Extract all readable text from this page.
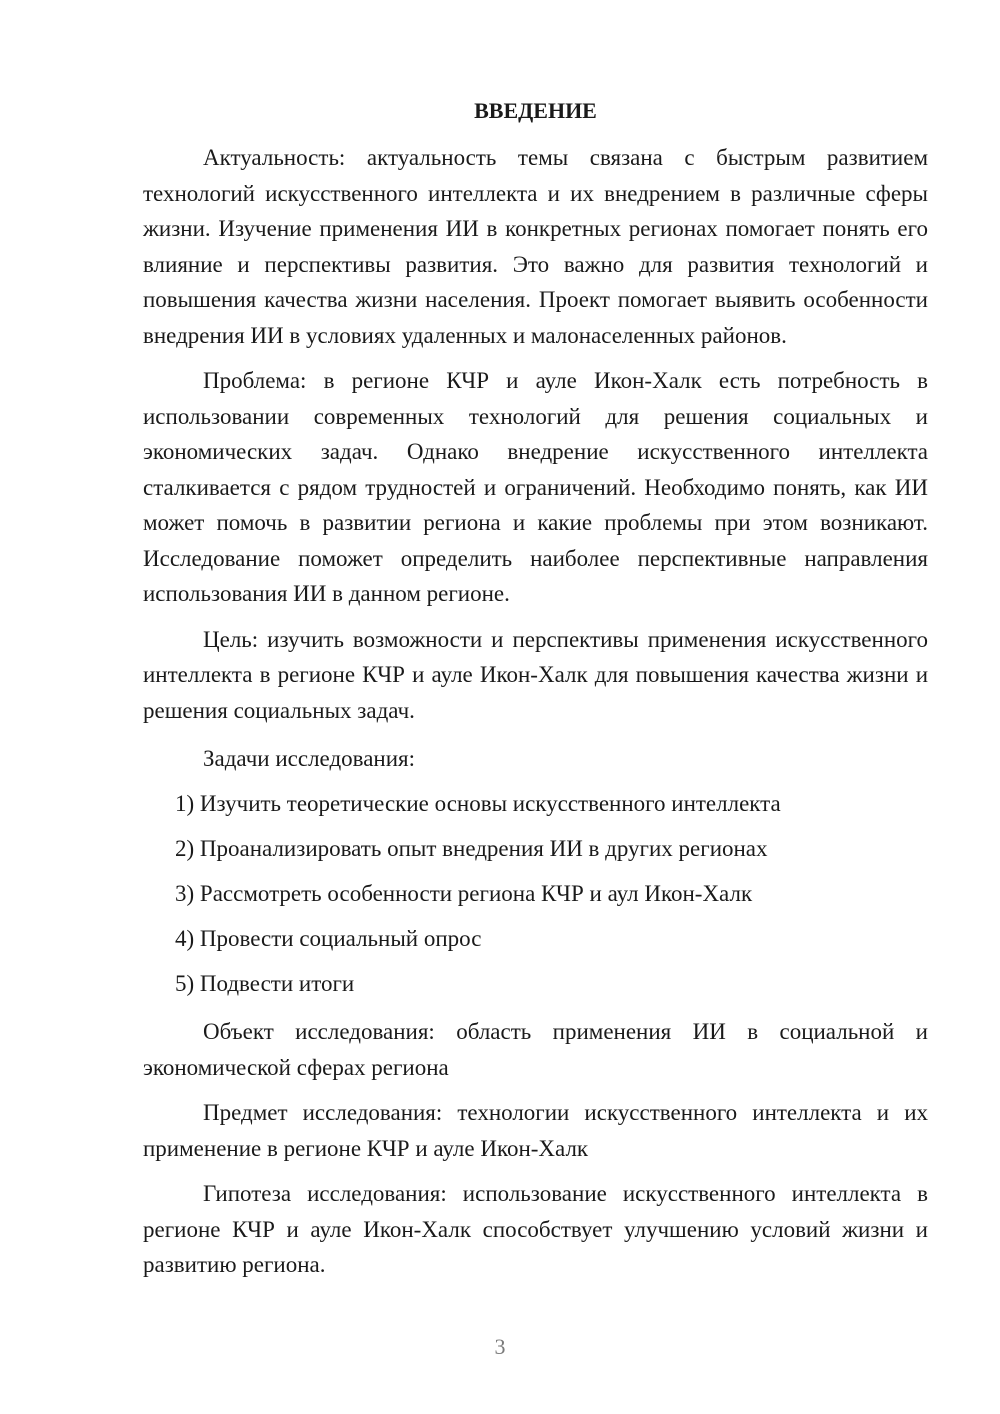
ВВЕДЕНИЕ

Актуальность: актуальность темы связана с быстрым развитием технологий искусственного интеллекта и их внедрением в различные сферы жизни. Изучение применения ИИ в конкретных регионах помогает понять его влияние и перспективы развития. Это важно для развития технологий и повышения качества жизни населения. Проект помогает выявить особенности внедрения ИИ в условиях удаленных и малонаселенных районов.

Проблема: в регионе КЧР и ауле Икон-Халк есть потребность в использовании современных технологий для решения социальных и экономических задач. Однако внедрение искусственного интеллекта сталкивается с рядом трудностей и ограничений. Необходимо понять, как ИИ может помочь в развитии региона и какие проблемы при этом возникают. Исследование поможет определить наиболее перспективные направления использования ИИ в данном регионе.

Цель: изучить возможности и перспективы применения искусственного интеллекта в регионе КЧР и ауле Икон-Халк для повышения качества жизни и решения социальных задач.

Задачи исследования:
1) Изучить теоретические основы искусственного интеллекта
2) Проанализировать опыт внедрения ИИ в других регионах
3) Рассмотреть особенности региона КЧР и аул Икон-Халк
4) Провести социальный опрос
5) Подвести итоги

Объект исследования: область применения ИИ в социальной и экономической сферах региона

Предмет исследования: технологии искусственного интеллекта и их применение в регионе КЧР и ауле Икон-Халк

Гипотеза исследования: использование искусственного интеллекта в регионе КЧР и ауле Икон-Халк способствует улучшению условий жизни и развитию региона.

3
